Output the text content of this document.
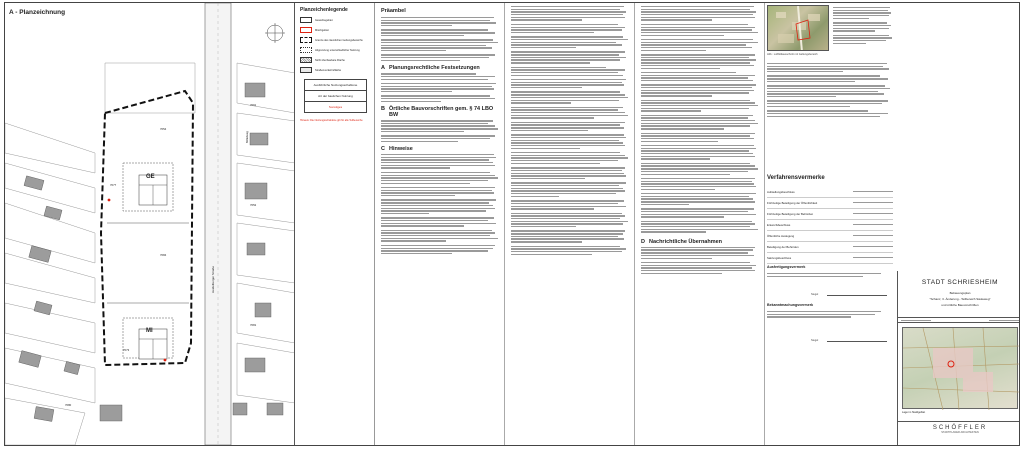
A - Planzeichnung
GE
MI
Heidelberger Straße
Mittelweg
7054
7084
7077
7073
7091
7052
7081
7080
Planzeichenlegende
Gewerbegebiet
Mischgebiet
Grenze des räumlichen Geltungsbereichs
Abgrenzung unterschiedlicher Nutzung
Nicht überbaubare Fläche
Straßenverkehrsfläche
Ausführliche Nutzungsschablone
Art der baulichen Nutzung
Sonstiges
Hinweis: Die Nutzungsschablone gilt für alle Teilbereiche
Präambel
A Planungsrechtliche Festsetzungen
B Örtliche Bauvorschriften gem. § 74 LBO BW
C Hinweise
D Nachrichtliche Übernahmen
Abb.: Luftbildausschnitt mit Geltungsbereich
Verfahrensvermerke
Aufstellungsbeschluss
Frühzeitige Beteiligung der Öffentlichkeit
Frühzeitige Beteiligung der Behörden
Entwurfsbeschluss
Öffentliche Auslegung
Beteiligung der Behörden
Satzungsbeschluss
Ausfertigungsvermerk
Siegel
Bekanntmachungsvermerk
Siegel
STADT SCHRIESHEIM
Bebauungsplan
"Schanz, 3. Änderung - Teilbereich Säuleweg"
und örtliche Bauvorschriften
Lage im Stadtgebiet
SCHÖFFLER
STADTPLANER ARCHITEKTEN
